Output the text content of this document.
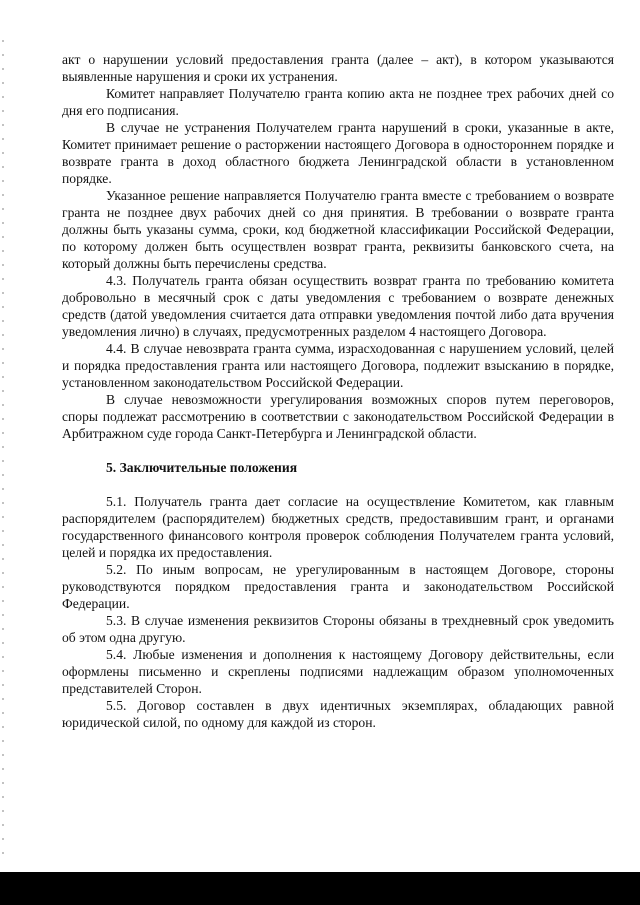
акт о нарушении условий предоставления гранта (далее – акт), в котором указываются выявленные нарушения и сроки их устранения.

Комитет направляет Получателю гранта копию акта не позднее трех рабочих дней со дня его подписания.

В случае не устранения Получателем гранта нарушений в сроки, указанные в акте, Комитет принимает решение о расторжении настоящего Договора в одностороннем порядке и возврате гранта в доход областного бюджета Ленинградской области в установленном порядке.

Указанное решение направляется Получателю гранта вместе с требованием о возврате гранта не позднее двух рабочих дней со дня принятия. В требовании о возврате гранта должны быть указаны сумма, сроки, код бюджетной классификации Российской Федерации, по которому должен быть осуществлен возврат гранта, реквизиты банковского счета, на который должны быть перечислены средства.

4.3. Получатель гранта обязан осуществить возврат гранта по требованию комитета добровольно в месячный срок с даты уведомления с требованием о возврате денежных средств (датой уведомления считается дата отправки уведомления почтой либо дата вручения уведомления лично) в случаях, предусмотренных разделом 4 настоящего Договора.

4.4. В случае невозврата гранта сумма, израсходованная с нарушением условий, целей и порядка предоставления гранта или настоящего Договора, подлежит взысканию в порядке, установленном законодательством Российской Федерации.

В случае невозможности урегулирования возможных споров путем переговоров, споры подлежат рассмотрению в соответствии с законодательством Российской Федерации в Арбитражном суде города Санкт-Петербурга и Ленинградской области.

5. Заключительные положения

5.1. Получатель гранта дает согласие на осуществление Комитетом, как главным распорядителем (распорядителем) бюджетных средств, предоставившим грант, и органами государственного финансового контроля проверок соблюдения Получателем гранта условий, целей и порядка их предоставления.

5.2. По иным вопросам, не урегулированным в настоящем Договоре, стороны руководствуются порядком предоставления гранта и законодательством Российской Федерации.

5.3. В случае изменения реквизитов Стороны обязаны в трехдневный срок уведомить об этом одна другую.

5.4. Любые изменения и дополнения к настоящему Договору действительны, если оформлены письменно и скреплены подписями надлежащим образом уполномоченных представителей Сторон.

5.5. Договор составлен в двух идентичных экземплярах, обладающих равной юридической силой, по одному для каждой из сторон.
